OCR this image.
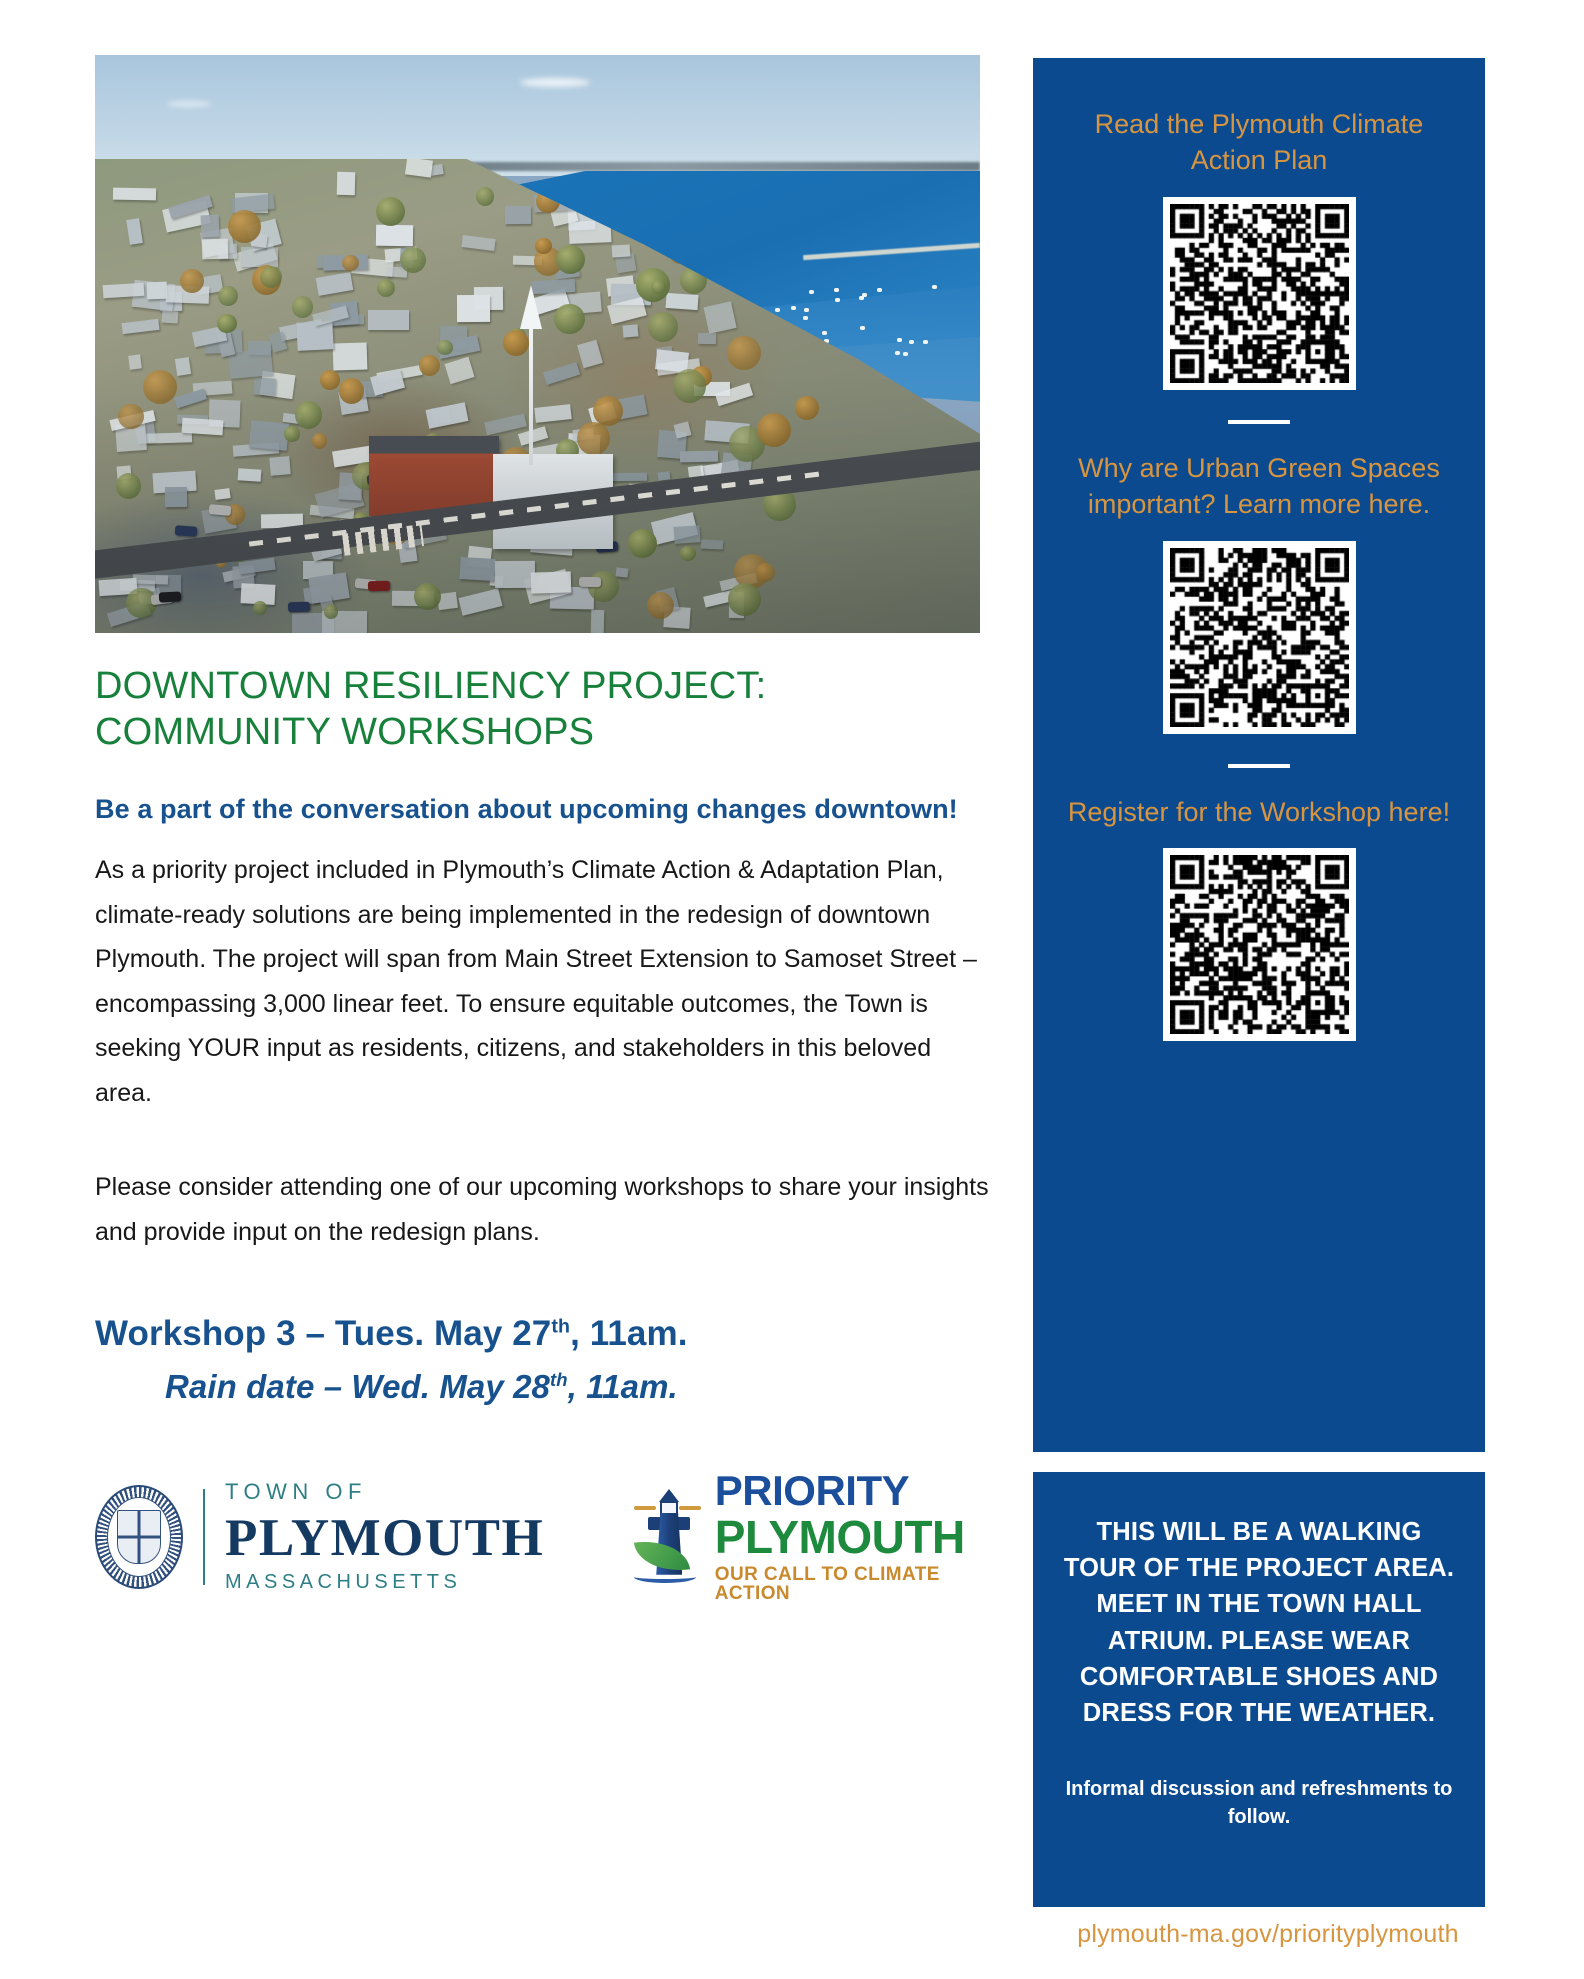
DOWNTOWN RESILIENCY PROJECT:
COMMUNITY WORKSHOPS
Be a part of the conversation about upcoming changes downtown!

As a priority project included in Plymouth’s Climate Action & Adaptation Plan, climate-ready solutions are being implemented in the redesign of downtown Plymouth. The project will span from Main Street Extension to Samoset Street – encompassing 3,000 linear feet. To ensure equitable outcomes, the Town is seeking YOUR input as residents, citizens, and stakeholders in this beloved area.

Please consider attending one of our upcoming workshops to share your insights and provide input on the redesign plans.

Workshop 3 – Tues. May 27th, 11am.
Rain date – Wed. May 28th, 11am.
TOWN OF
PLYMOUTH
MASSACHUSETTS
PRIORITY
PLYMOUTH
OUR CALL TO CLIMATE ACTION
Read the Plymouth Climate Action Plan
Why are Urban Green Spaces important? Learn more here.
Register for the Workshop here!
THIS WILL BE A WALKING TOUR OF THE PROJECT AREA. MEET IN THE TOWN HALL ATRIUM. PLEASE WEAR COMFORTABLE SHOES AND DRESS FOR THE WEATHER.
Informal discussion and refreshments to follow.
plymouth-ma.gov/priorityplymouth
